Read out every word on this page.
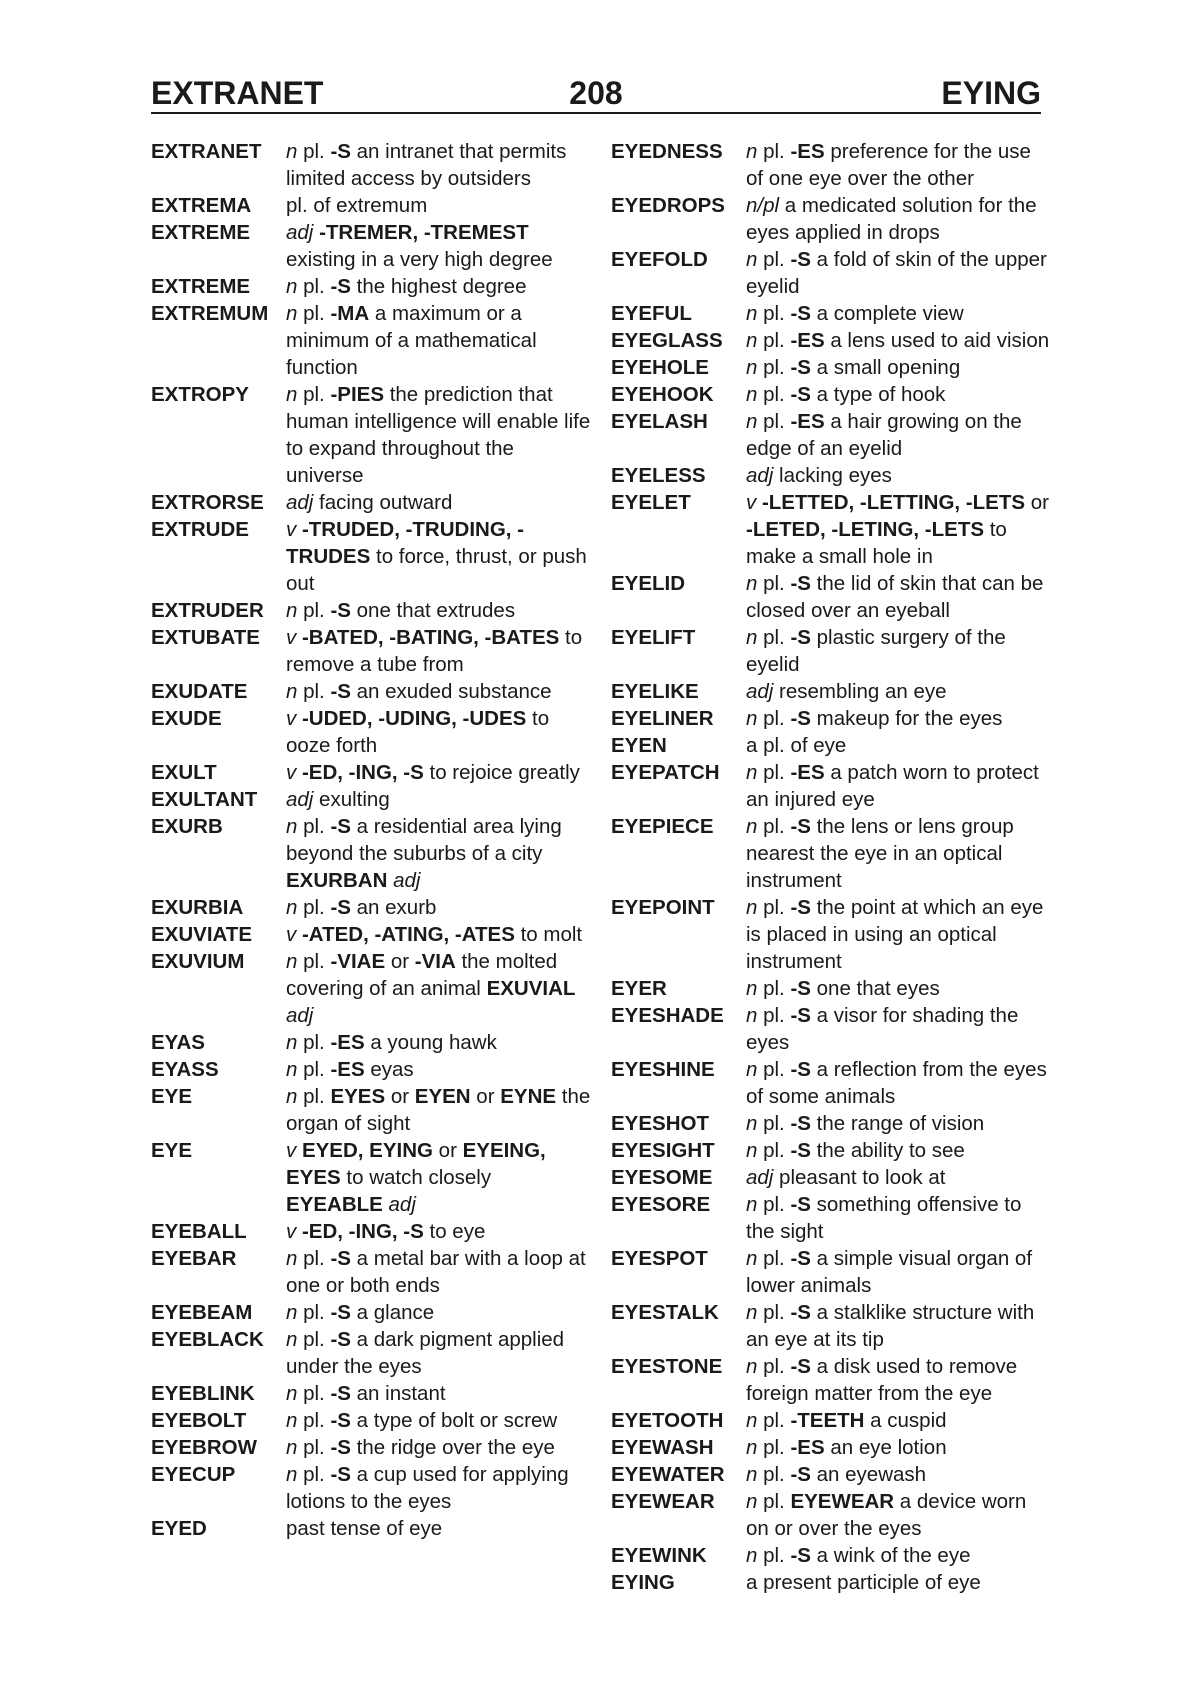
EXTRANET	208	EYING
EXTRANET	n pl. -S an intranet that permits limited access by outsiders
EXTREMA	pl. of extremum
EXTREME	adj -TREMER, -TREMEST existing in a very high degree
EXTREME	n pl. -S the highest degree
EXTREMUM n pl. -MA a maximum or a minimum of a mathematical function
EXTROPY	n pl. -PIES the prediction that human intelligence will enable life to expand throughout the universe
EXTRORSE	adj facing outward
EXTRUDE	v -TRUDED, -TRUDING, -TRUDES to force, thrust, or push out
EXTRUDER	n pl. -S one that extrudes
EXTUBATE	v -BATED, -BATING, -BATES to remove a tube from
EXUDATE	n pl. -S an exuded substance
EXUDE	v -UDED, -UDING, -UDES to ooze forth
EXULT	v -ED, -ING, -S to rejoice greatly
EXULTANT	adj exulting
EXURB	n pl. -S a residential area lying beyond the suburbs of a city EXURBAN adj
EXURBIA	n pl. -S an exurb
EXUVIATE	v -ATED, -ATING, -ATES to molt
EXUVIUM	n pl. -VIAE or -VIA the molted covering of an animal EXUVIAL adj
EYAS	n pl. -ES a young hawk
EYASS	n pl. -ES eyas
EYE	n pl. EYES or EYEN or EYNE the organ of sight
EYE	v EYED, EYING or EYEING, EYES to watch closely EYEABLE adj
EYEBALL	v -ED, -ING, -S to eye
EYEBAR	n pl. -S a metal bar with a loop at one or both ends
EYEBEAM	n pl. -S a glance
EYEBLACK	n pl. -S a dark pigment applied under the eyes
EYEBLINK	n pl. -S an instant
EYEBOLT	n pl. -S a type of bolt or screw
EYEBROW	n pl. -S the ridge over the eye
EYECUP	n pl. -S a cup used for applying lotions to the eyes
EYED	past tense of eye
EYEDNESS	n pl. -ES preference for the use of one eye over the other
EYEDROPS	n/pl a medicated solution for the eyes applied in drops
EYEFOLD	n pl. -S a fold of skin of the upper eyelid
EYEFUL	n pl. -S a complete view
EYEGLASS	n pl. -ES a lens used to aid vision
EYEHOLE	n pl. -S a small opening
EYEHOOK	n pl. -S a type of hook
EYELASH	n pl. -ES a hair growing on the edge of an eyelid
EYELESS	adj lacking eyes
EYELET	v -LETTED, -LETTING, -LETS or -LETED, -LETING, -LETS to make a small hole in
EYELID	n pl. -S the lid of skin that can be closed over an eyeball
EYELIFT	n pl. -S plastic surgery of the eyelid
EYELIKE	adj resembling an eye
EYELINER	n pl. -S makeup for the eyes
EYEN	a pl. of eye
EYEPATCH	n pl. -ES a patch worn to protect an injured eye
EYEPIECE	n pl. -S the lens or lens group nearest the eye in an optical instrument
EYEPOINT	n pl. -S the point at which an eye is placed in using an optical instrument
EYER	n pl. -S one that eyes
EYESHADE	n pl. -S a visor for shading the eyes
EYESHINE	n pl. -S a reflection from the eyes of some animals
EYESHOT	n pl. -S the range of vision
EYESIGHT	n pl. -S the ability to see
EYESOME	adj pleasant to look at
EYESORE	n pl. -S something offensive to the sight
EYESPOT	n pl. -S a simple visual organ of lower animals
EYESTALK	n pl. -S a stalklike structure with an eye at its tip
EYESTONE	n pl. -S a disk used to remove foreign matter from the eye
EYETOOTH	n pl. -TEETH a cuspid
EYEWASH	n pl. -ES an eye lotion
EYEWATER	n pl. -S an eyewash
EYEWEAR	n pl. EYEWEAR a device worn on or over the eyes
EYEWINK	n pl. -S a wink of the eye
EYING	a present participle of eye
